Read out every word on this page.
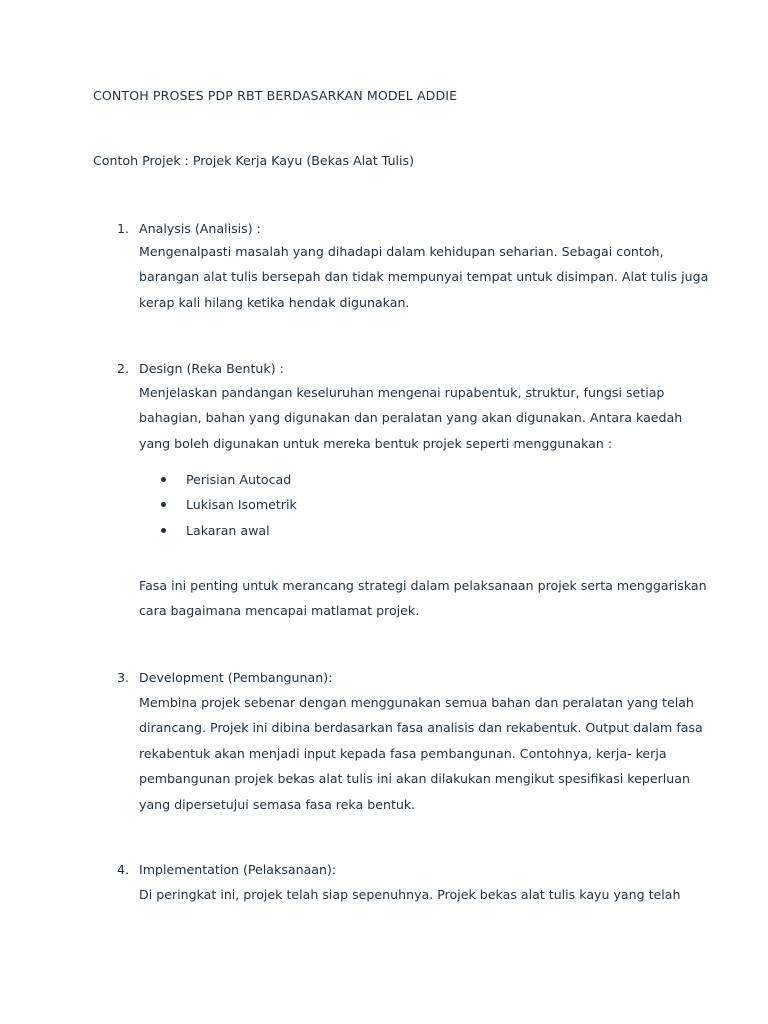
CONTOH PROSES PDP RBT BERDASARKAN MODEL ADDIE
Contoh Projek : Projek Kerja Kayu (Bekas Alat Tulis)
1. Analysis (Analisis) :
Mengenalpasti masalah yang dihadapi dalam kehidupan seharian. Sebagai contoh,
barangan alat tulis bersepah dan tidak mempunyai tempat untuk disimpan. Alat tulis juga
kerap kali hilang ketika hendak digunakan.
2. Design (Reka Bentuk) :
Menjelaskan pandangan keseluruhan mengenai rupabentuk, struktur, fungsi setiap
bahagian, bahan yang digunakan dan peralatan yang akan digunakan. Antara kaedah
yang boleh digunakan untuk mereka bentuk projek seperti menggunakan :
Perisian Autocad
Lukisan Isometrik
Lakaran awal
Fasa ini penting untuk merancang strategi dalam pelaksanaan projek serta menggariskan
cara bagaimana mencapai matlamat projek.
3. Development (Pembangunan):
Membina projek sebenar dengan menggunakan semua bahan dan peralatan yang telah
dirancang. Projek ini dibina berdasarkan fasa analisis dan rekabentuk. Output dalam fasa
rekabentuk akan menjadi input kepada fasa pembangunan. Contohnya, kerja- kerja
pembangunan projek bekas alat tulis ini akan dilakukan mengikut spesifikasi keperluan
yang dipersetujui semasa fasa reka bentuk.
4. Implementation (Pelaksanaan):
Di peringkat ini, projek telah siap sepenuhnya. Projek bekas alat tulis kayu yang telah
